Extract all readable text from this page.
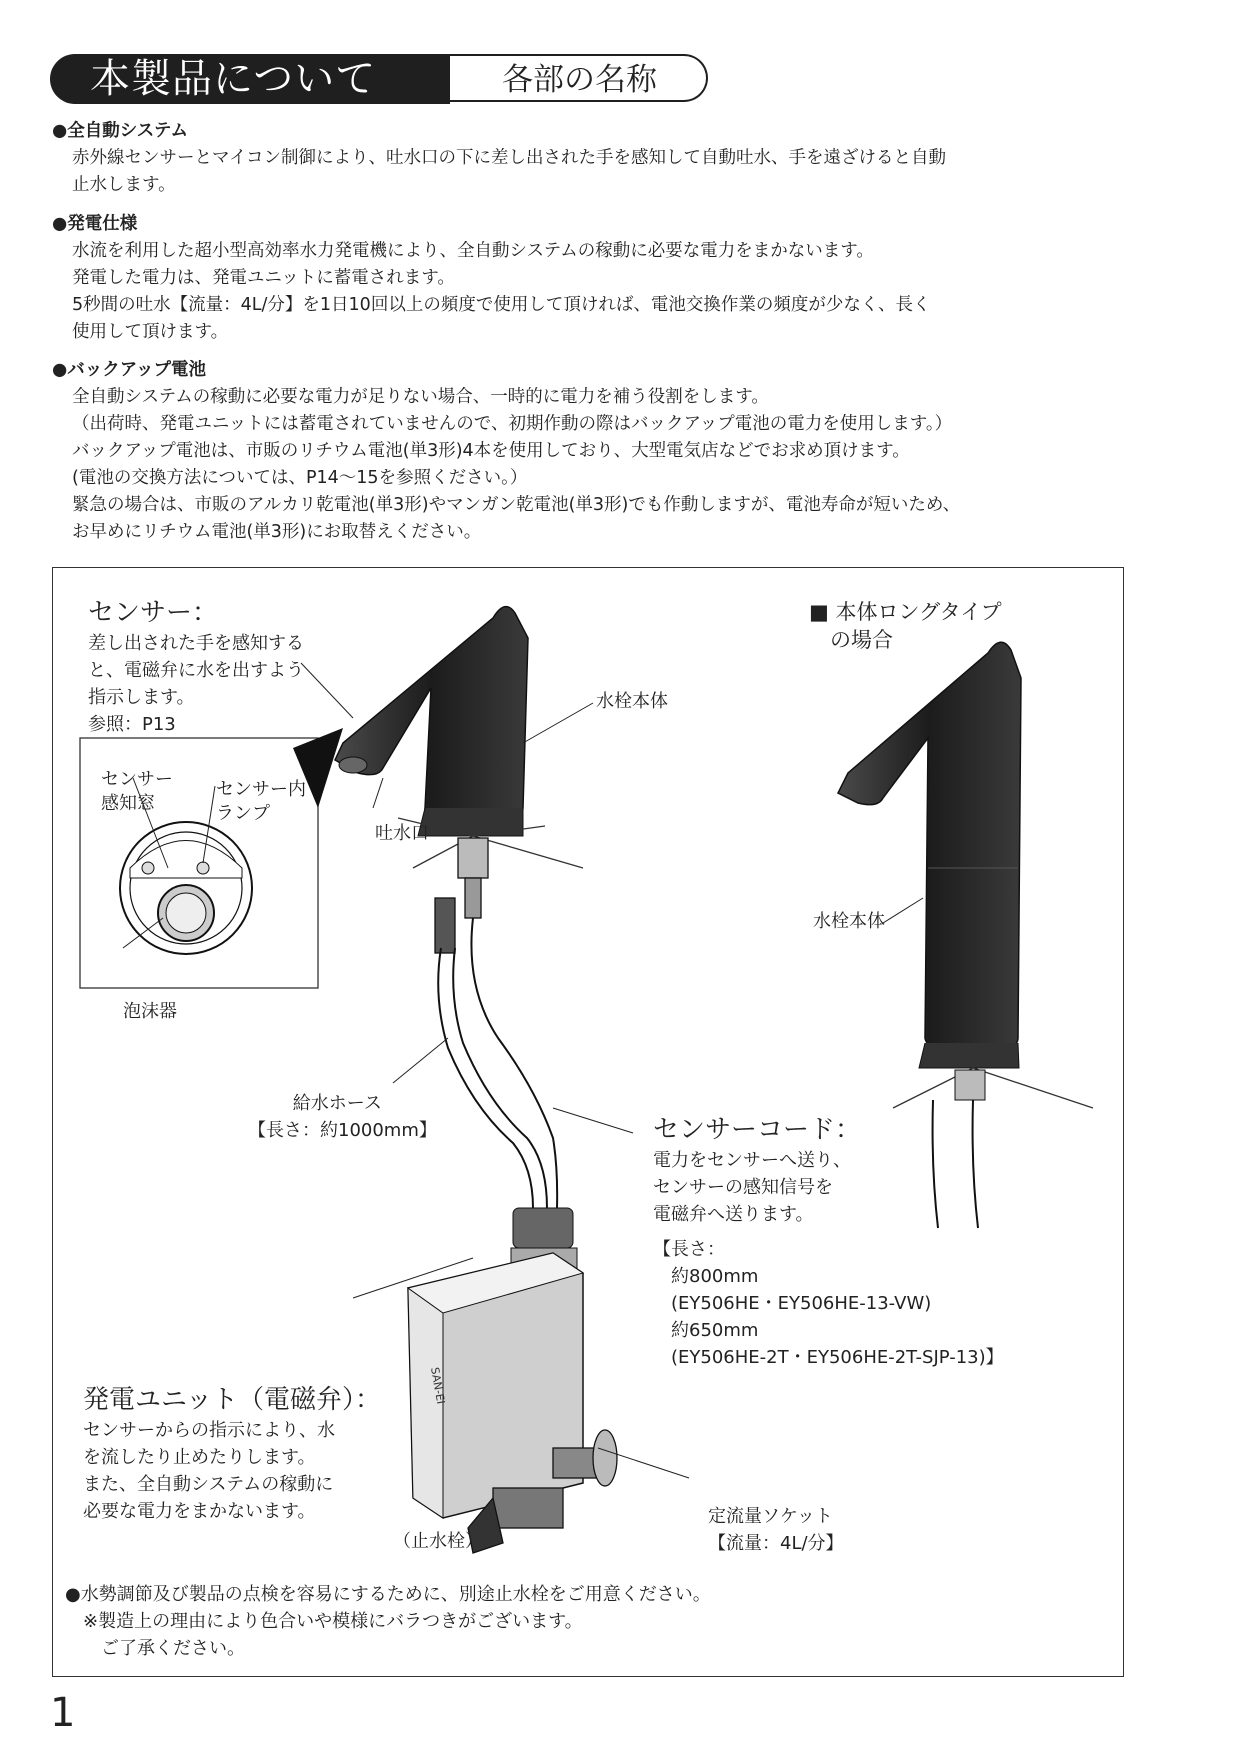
本製品について	各部の名称
● 全自動システム

赤外線センサーとマイコン制御により、吐水口の下に差し出された手を感知して自動吐水、手を遠ざけると自動

止水します。

● 発電仕様

水流を利用した超小型高効率水力発電機により、全自動システムの稼動に必要な電力をまかないます。

発電した電力は、発電ユニットに蓄電されます。

5秒間の吐水【流量：4L/分】を1日10回以上の頻度で使用して頂ければ、電池交換作業の頻度が少なく、長く

使用して頂けます。

● バックアップ電池

全自動システムの稼動に必要な電力が足りない場合、一時的に電力を補う役割をします。

（出荷時、発電ユニットには蓄電されていませんので、初期作動の際はバックアップ電池の電力を使用します。）

バックアップ電池は、市販のリチウム電池(単3形)4本を使用しており、大型電気店などでお求め頂けます。

(電池の交換方法については、P14～15を参照ください。）

緊急の場合は、市販のアルカリ乾電池(単3形)やマンガン乾電池(単3形)でも作動しますが、電池寿命が短いため、

お早めにリチウム電池(単3形)にお取替えください。

SAN-EI
センサー：

差し出された手を感知する

と、電磁弁に水を出すよう

指示します。

参照：P13

センサー

感知窓

センサー内

ランプ

泡沫器
吐水口
水栓本体

■ 本体ロングタイプ

　の場合

水栓本体

給水ホース

【長さ：約1000mm】	センサーコード：

電力をセンサーへ送り、

センサーの感知信号を

電磁弁へ送ります。

【長さ：

　約800mm

　(EY506HE・EY506HE-13-VW)

　約650mm

　(EY506HE-2T・EY506HE-2T-SJP-13)】

発電ユニット（電磁弁）：

センサーからの指示により、水

を流したり止めたりします。

また、全自動システムの稼動に

必要な電力をまかないます。

（止水栓）

定流量ソケット

【流量：4L/分】

●水勢調節及び製品の点検を容易にするために、別途止水栓をご用意ください。

　※製造上の理由により色合いや模様にバラつきがございます。

　　ご了承ください。

1
